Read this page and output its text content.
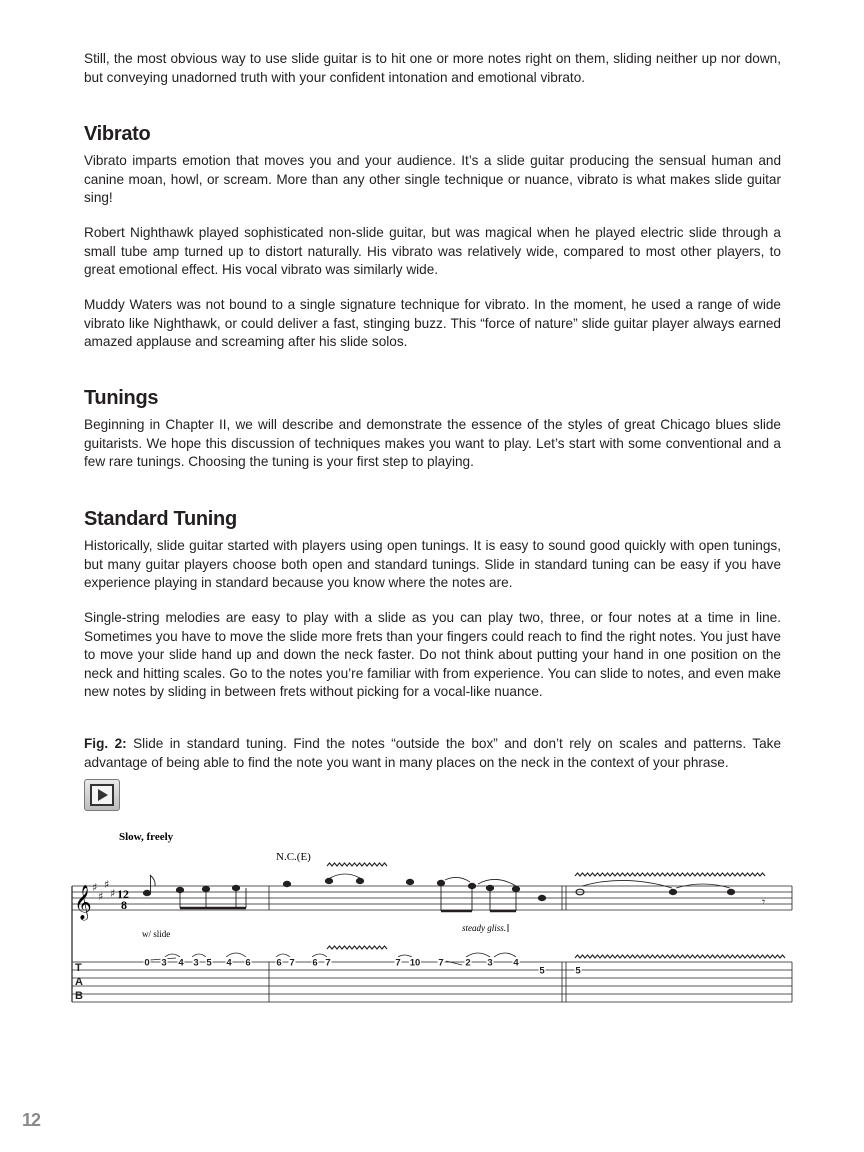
Still, the most obvious way to use slide guitar is to hit one or more notes right on them, sliding neither up nor down, but conveying unadorned truth with your confident intonation and emotional vibrato.

Vibrato

Vibrato imparts emotion that moves you and your audience. It’s a slide guitar producing the sensual human and canine moan, howl, or scream. More than any other single technique or nuance, vibrato is what makes slide guitar sing!

Robert Nighthawk played sophisticated non-slide guitar, but was magical when he played electric slide through a small tube amp turned up to distort naturally. His vibrato was relatively wide, compared to most other players, to great emotional effect. His vocal vibrato was similarly wide.

Muddy Waters was not bound to a single signature technique for vibrato. In the moment, he used a range of wide vibrato like Nighthawk, or could deliver a fast, stinging buzz. This “force of nature” slide guitar player always earned amazed applause and screaming after his slide solos.

Tunings

Beginning in Chapter II, we will describe and demonstrate the essence of the styles of great Chicago blues slide guitarists. We hope this discussion of techniques makes you want to play. Let’s start with some conventional and a few rare tunings. Choosing the tuning is your first step to playing.

Standard Tuning

Historically, slide guitar started with players using open tunings. It is easy to sound good quickly with open tunings, but many guitar players choose both open and standard tunings. Slide in standard tuning can be easy if you have experience playing in standard because you know where the notes are.

Single-string melodies are easy to play with a slide as you can play two, three, or four notes at a time in line. Sometimes you have to move the slide more frets than your fingers could reach to find the right notes. You just have to move your slide hand up and down the neck faster. Do not think about putting your hand in one position on the neck and hitting scales. Go to the notes you’re familiar with from experience. You can slide to notes, and even make new notes by sliding in between frets without picking for a vocal-like nuance.

Fig. 2: Slide in standard tuning. Find the notes “outside the box” and don’t rely on scales and patterns. Take advantage of being able to find the note you want in many places on the neck in the context of your phrase.

Slow, freely
N.C.(E)
w/ slide
steady gliss.
𝄞 ♯
♯
♯
♯ 12
8	𝄾
T
A
B
0 3 4 3 5 4 6	6 7 6 7	7 10 7 2 3 4
5	5
12
